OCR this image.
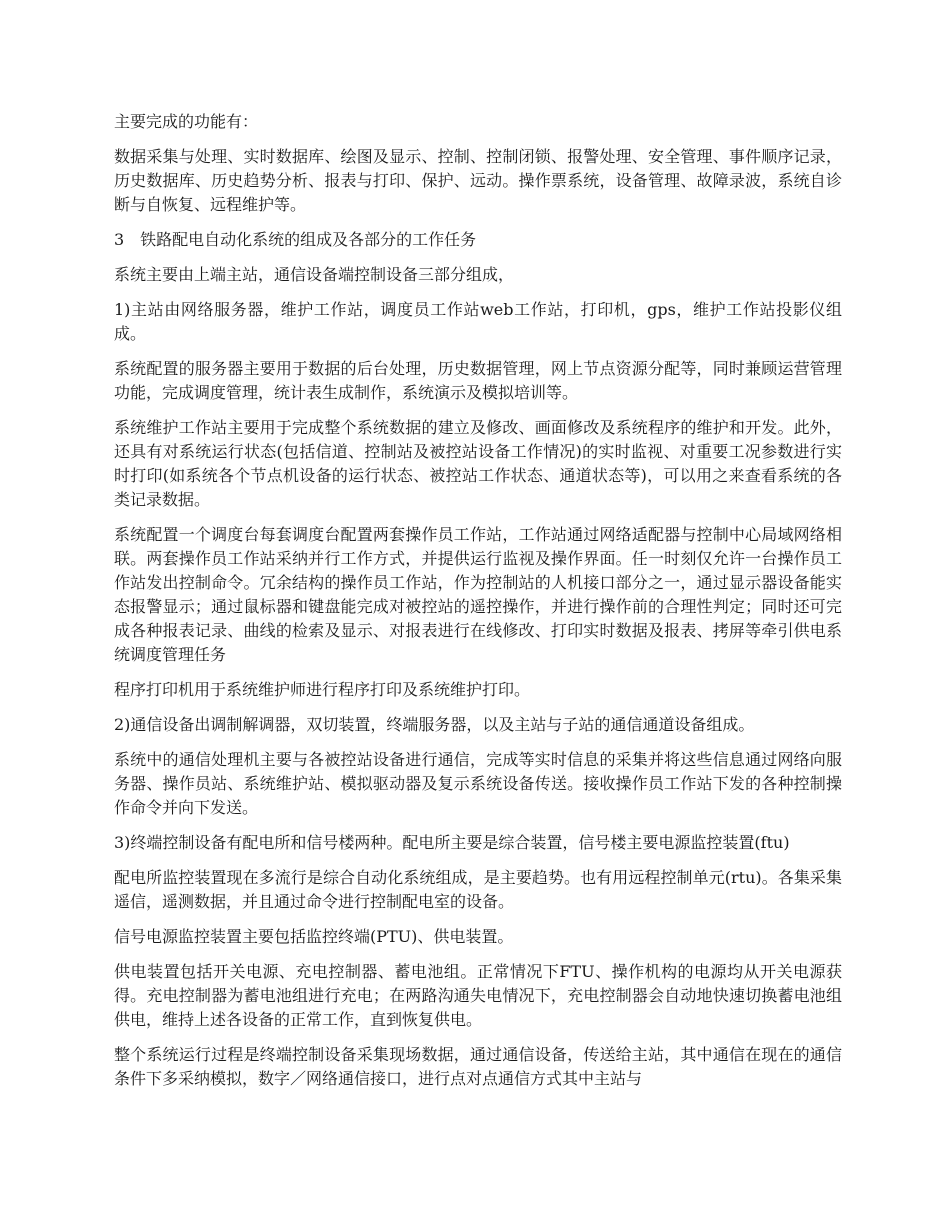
主要完成的功能有：

数据采集与处理、实时数据库、绘图及显示、控制、控制闭锁、报警处理、安全管理、事件顺序记录，历史数据库、历史趋势分析、报表与打印、保护、远动。操作票系统，设备管理、故障录波，系统自诊断与自恢复、远程维护等。

3　铁路配电自动化系统的组成及各部分的工作任务

系统主要由上端主站，通信设备端控制设备三部分组成，

1)主站由网络服务器，维护工作站，调度员工作站web工作站，打印机，gps，维护工作站投影仪组成。

系统配置的服务器主要用于数据的后台处理，历史数据管理，网上节点资源分配等，同时兼顾运营管理功能，完成调度管理，统计表生成制作，系统演示及模拟培训等。

系统维护工作站主要用于完成整个系统数据的建立及修改、画面修改及系统程序的维护和开发。此外，还具有对系统运行状态(包括信道、控制站及被控站设备工作情况)的实时监视、对重要工况参数进行实时打印(如系统各个节点机设备的运行状态、被控站工作状态、通道状态等)，可以用之来查看系统的各类记录数据。

系统配置一个调度台每套调度台配置两套操作员工作站，工作站通过网络适配器与控制中心局域网络相联。两套操作员工作站采纳并行工作方式，并提供运行监视及操作界面。任一时刻仅允许一台操作员工作站发出控制命令。冗余结构的操作员工作站，作为控制站的人机接口部分之一，通过显示器设备能实态报警显示；通过鼠标器和键盘能完成对被控站的遥控操作，并进行操作前的合理性判定；同时还可完成各种报表记录、曲线的检索及显示、对报表进行在线修改、打印实时数据及报表、拷屏等牵引供电系统调度管理任务

程序打印机用于系统维护师进行程序打印及系统维护打印。

2)通信设备出调制解调器，双切装置，终端服务器，以及主站与子站的通信通道设备组成。

系统中的通信处理机主要与各被控站设备进行通信，完成等实时信息的采集并将这些信息通过网络向服务器、操作员站、系统维护站、模拟驱动器及复示系统设备传送。接收操作员工作站下发的各种控制操作命令并向下发送。

3)终端控制设备有配电所和信号楼两种。配电所主要是综合装置，信号楼主要电源监控装置(ftu)

配电所监控装置现在多流行是综合自动化系统组成，是主要趋势。也有用远程控制单元(rtu)。各集采集遥信，遥测数据，并且通过命令进行控制配电室的设备。

信号电源监控装置主要包括监控终端(PTU)、供电装置。

供电装置包括开关电源、充电控制器、蓄电池组。正常情况下FTU、操作机构的电源均从开关电源获得。充电控制器为蓄电池组进行充电；在两路沟通失电情况下，充电控制器会自动地快速切换蓄电池组供电，维持上述各设备的正常工作，直到恢复供电。

整个系统运行过程是终端控制设备采集现场数据，通过通信设备，传送给主站，其中通信在现在的通信条件下多采纳模拟，数字／网络通信接口，进行点对点通信方式其中主站与
